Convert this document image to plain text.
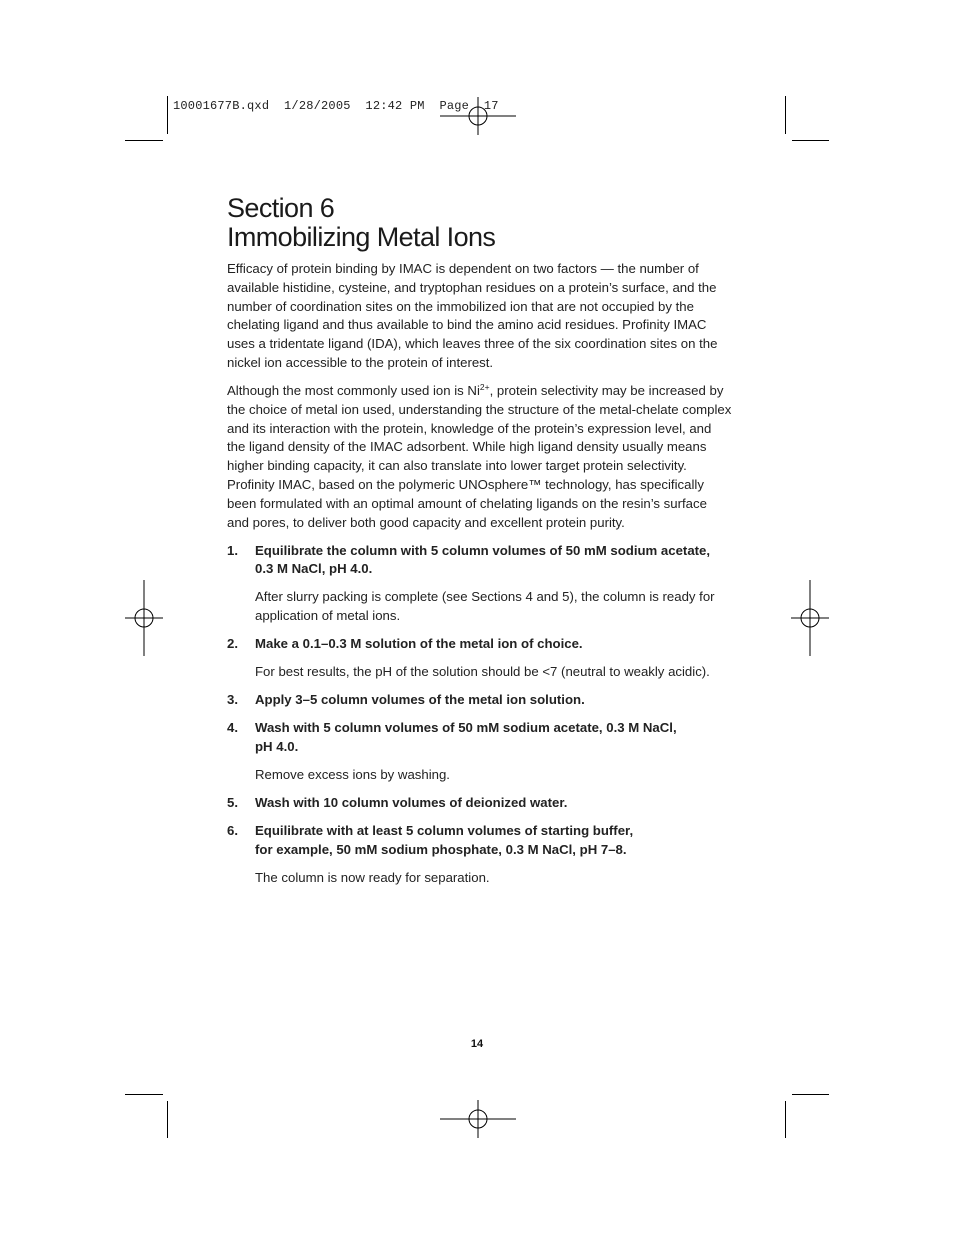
10001677B.qxd  1/28/2005  12:42 PM  Page  17
Section 6
Immobilizing Metal Ions

Efficacy of protein binding by IMAC is dependent on two factors — the number of available histidine, cysteine, and tryptophan residues on a protein’s surface, and the number of coordination sites on the immobilized ion that are not occupied by the chelating ligand and thus available to bind the amino acid residues. Profinity IMAC uses a tridentate ligand (IDA), which leaves three of the six coordination sites on the nickel ion accessible to the protein of interest.

Although the most commonly used ion is $Ni^{2+}$, protein selectivity may be increased by the choice of metal ion used, understanding the structure of the metal-chelate complex and its interaction with the protein, knowledge of the protein’s expression level, and the ligand density of the IMAC adsorbent. While high ligand density usually means higher binding capacity, it can also translate into lower target protein selectivity. Profinity IMAC, based on the polymeric UNOsphere™ technology, has specifically been formulated with an optimal amount of chelating ligands on the resin’s surface and pores, to deliver both good capacity and excellent protein purity.

1. Equilibrate the column with 5 column volumes of 50 mM sodium acetate,
0.3 M NaCl, pH 4.0.

After slurry packing is complete (see Sections 4 and 5), the column is ready for application of metal ions.

2. Make a 0.1–0.3 M solution of the metal ion of choice.

For best results, the pH of the solution should be <7 (neutral to weakly acidic).

3. Apply 3–5 column volumes of the metal ion solution.
4. Wash with 5 column volumes of 50 mM sodium acetate, 0.3 M NaCl,
pH 4.0.

Remove excess ions by washing.

5. Wash with 10 column volumes of deionized water.
6. Equilibrate with at least 5 column volumes of starting buffer,
for example, 50 mM sodium phosphate, 0.3 M NaCl, pH 7–8.

The column is now ready for separation.

14
